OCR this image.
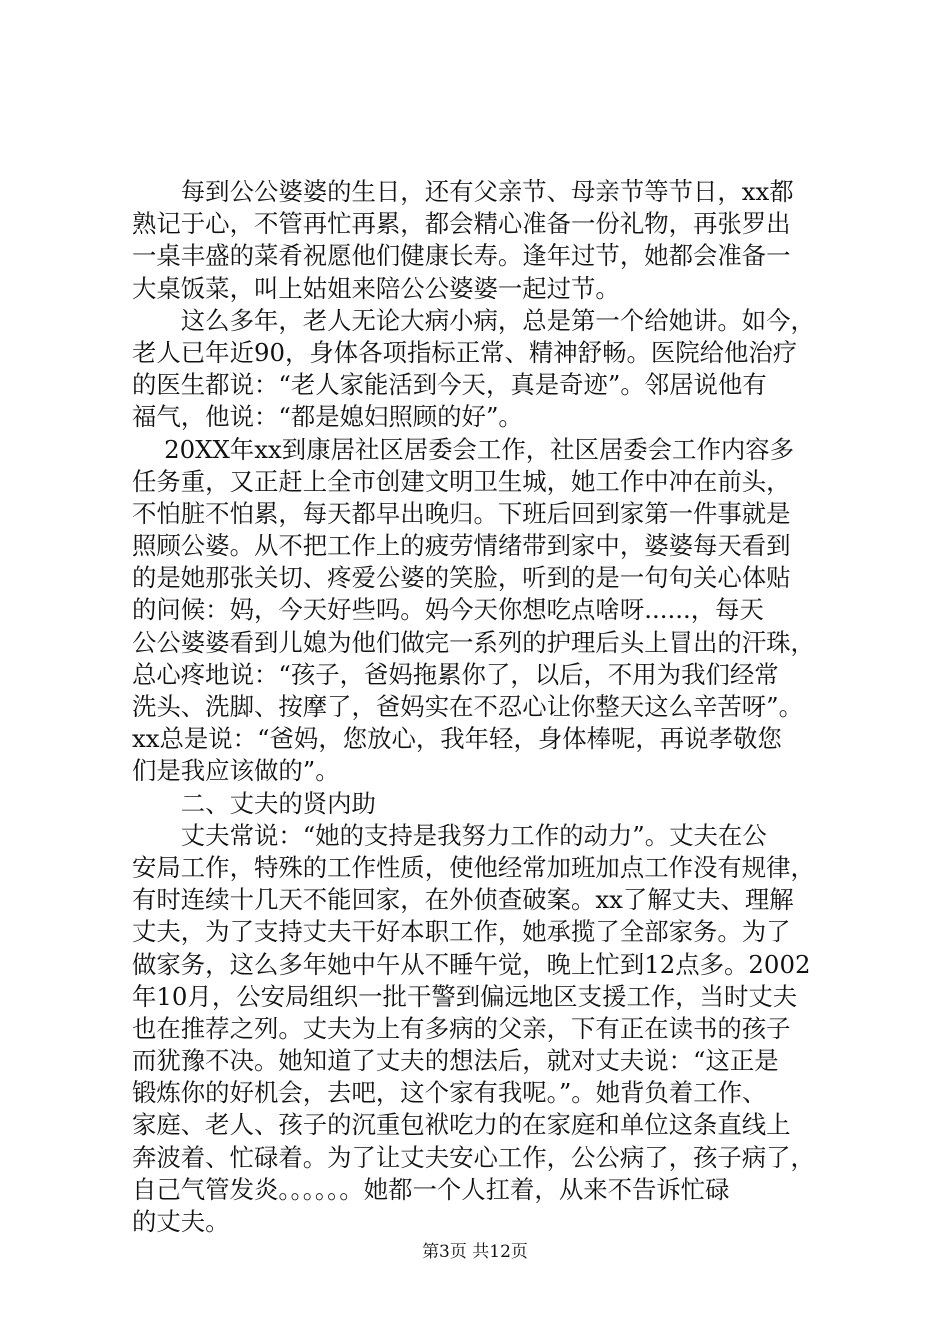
　　每到公公婆婆的生日，还有父亲节、母亲节等节日，xx都
熟记于心，不管再忙再累，都会精心准备一份礼物，再张罗出
一桌丰盛的菜肴祝愿他们健康长寿。逢年过节，她都会准备一
大桌饭菜，叫上姑姐来陪公公婆婆一起过节。
　　这么多年，老人无论大病小病，总是第一个给她讲。如今，
老人已年近90，身体各项指标正常、精神舒畅。医院给他治疗
的医生都说：“老人家能活到今天，真是奇迹”。邻居说他有
福气，他说：“都是媳妇照顾的好”。
　 20XX年xx到康居社区居委会工作，社区居委会工作内容多
任务重，又正赶上全市创建文明卫生城，她工作中冲在前头，
不怕脏不怕累，每天都早出晚归。下班后回到家第一件事就是
照顾公婆。从不把工作上的疲劳情绪带到家中，婆婆每天看到
的是她那张关切、疼爱公婆的笑脸，听到的是一句句关心体贴
的问候：妈，今天好些吗。妈今天你想吃点啥呀......，每天
公公婆婆看到儿媳为他们做完一系列的护理后头上冒出的汗珠，
总心疼地说：“孩子，爸妈拖累你了，以后，不用为我们经常
洗头、洗脚、按摩了，爸妈实在不忍心让你整天这么辛苦呀”。
xx总是说：“爸妈，您放心，我年轻，身体棒呢，再说孝敬您
们是我应该做的”。
　　二、丈夫的贤内助
　　丈夫常说：“她的支持是我努力工作的动力”。丈夫在公
安局工作，特殊的工作性质，使他经常加班加点工作没有规律，
有时连续十几天不能回家，在外侦查破案。xx了解丈夫、理解
丈夫，为了支持丈夫干好本职工作，她承揽了全部家务。为了
做家务，这么多年她中午从不睡午觉，晚上忙到12点多。2002
年10月，公安局组织一批干警到偏远地区支援工作，当时丈夫
也在推荐之列。丈夫为上有多病的父亲，下有正在读书的孩子
而犹豫不决。她知道了丈夫的想法后，就对丈夫说：“这正是
锻炼你的好机会，去吧，这个家有我呢。”。她背负着工作、
家庭、老人、孩子的沉重包袱吃力的在家庭和单位这条直线上
奔波着、忙碌着。为了让丈夫安心工作，公公病了，孩子病了，
自己气管发炎。。。。。。她都一个人扛着，从来不告诉忙碌
的丈夫。
第3页 共12页
